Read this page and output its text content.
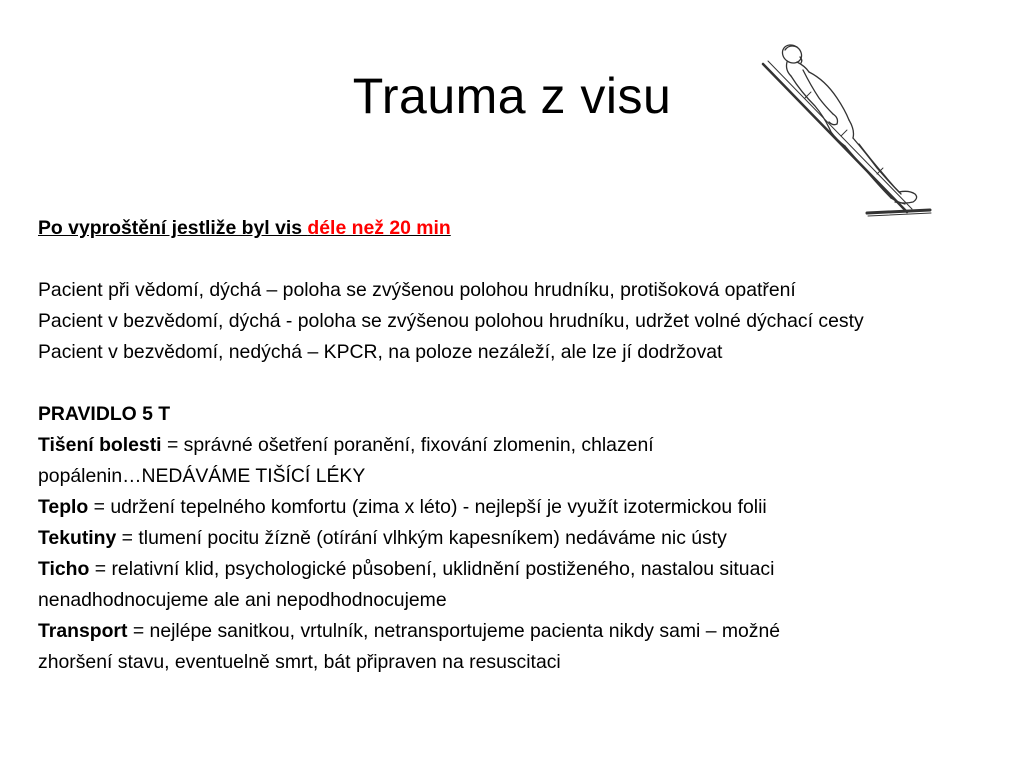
Trauma z visu
Po vyproštění jestliže byl vis déle než 20 min
Pacient při vědomí, dýchá – poloha se zvýšenou polohou hrudníku, protišoková opatření
Pacient v bezvědomí, dýchá - poloha se zvýšenou polohou hrudníku, udržet volné dýchací cesty
Pacient v bezvědomí, nedýchá – KPCR, na poloze nezáleží, ale lze jí dodržovat
PRAVIDLO 5 T
Tišení bolesti = správné ošetření poranění, fixování zlomenin, chlazení
popálenin…NEDÁVÁME TIŠÍCÍ LÉKY
Teplo = udržení tepelného komfortu (zima x léto) - nejlepší je využít izotermickou folii
Tekutiny = tlumení pocitu žízně (otírání vlhkým kapesníkem) nedáváme nic ústy
Ticho = relativní klid, psychologické působení, uklidnění postiženého, nastalou situaci
nenadhodnocujeme ale ani nepodhodnocujeme
Transport = nejlépe sanitkou, vrtulník, netransportujeme pacienta nikdy sami – možné
zhoršení stavu, eventuelně smrt, bát připraven na resuscitaci
